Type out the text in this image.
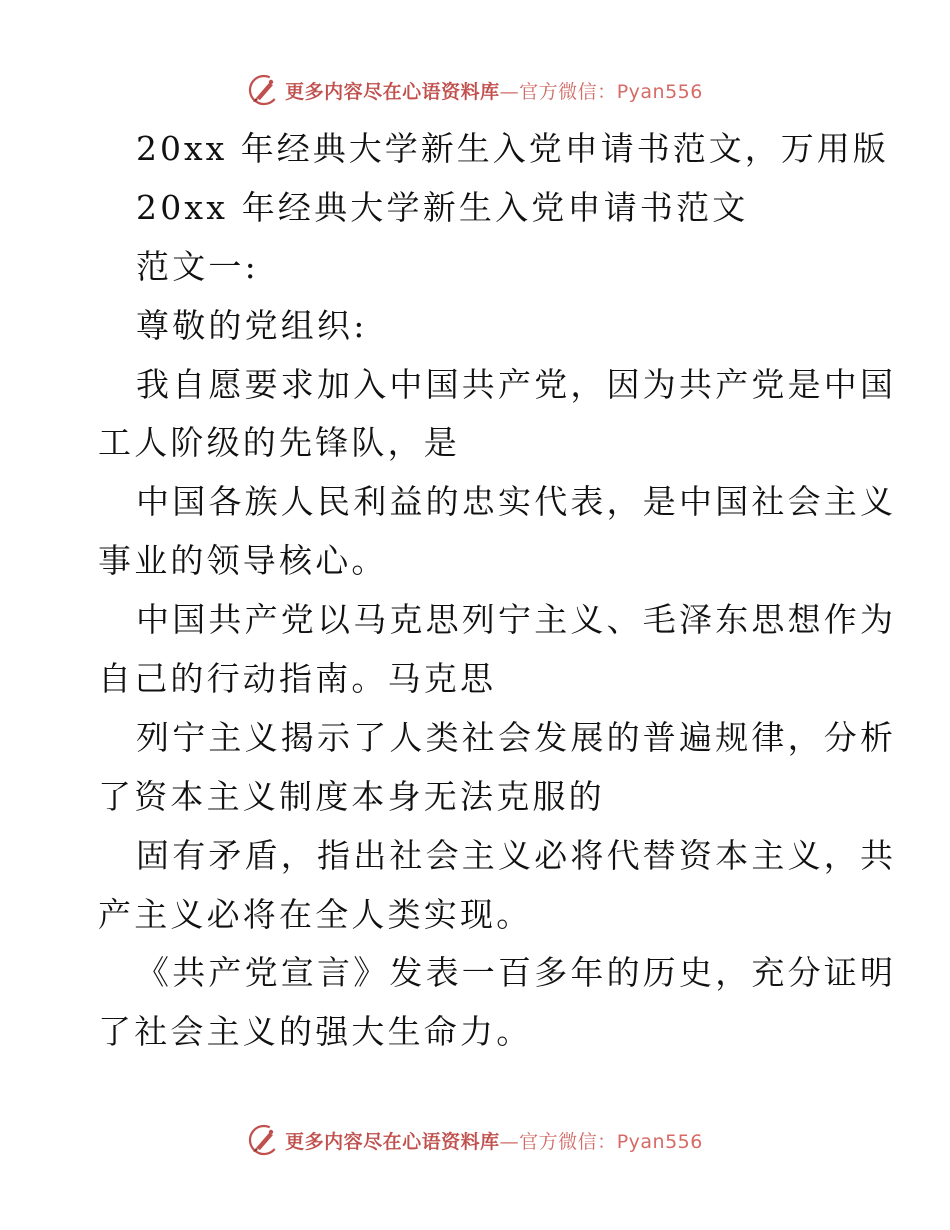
更多内容尽在心语资料库—官方微信：Pyan556
20xx 年经典大学新生入党申请书范文，万用版
20xx 年经典大学新生入党申请书范文
范文一:
尊敬的党组织:
我自愿要求加入中国共产党，因为共产党是中国
工人阶级的先锋队，是
中国各族人民利益的忠实代表，是中国社会主义
事业的领导核心。
中国共产党以马克思列宁主义、毛泽东思想作为
自己的行动指南。马克思
列宁主义揭示了人类社会发展的普遍规律，分析
了资本主义制度本身无法克服的
固有矛盾，指出社会主义必将代替资本主义，共
产主义必将在全人类实现。
《共产党宣言》发表一百多年的历史，充分证明
了社会主义的强大生命力。
更多内容尽在心语资料库—官方微信：Pyan556
